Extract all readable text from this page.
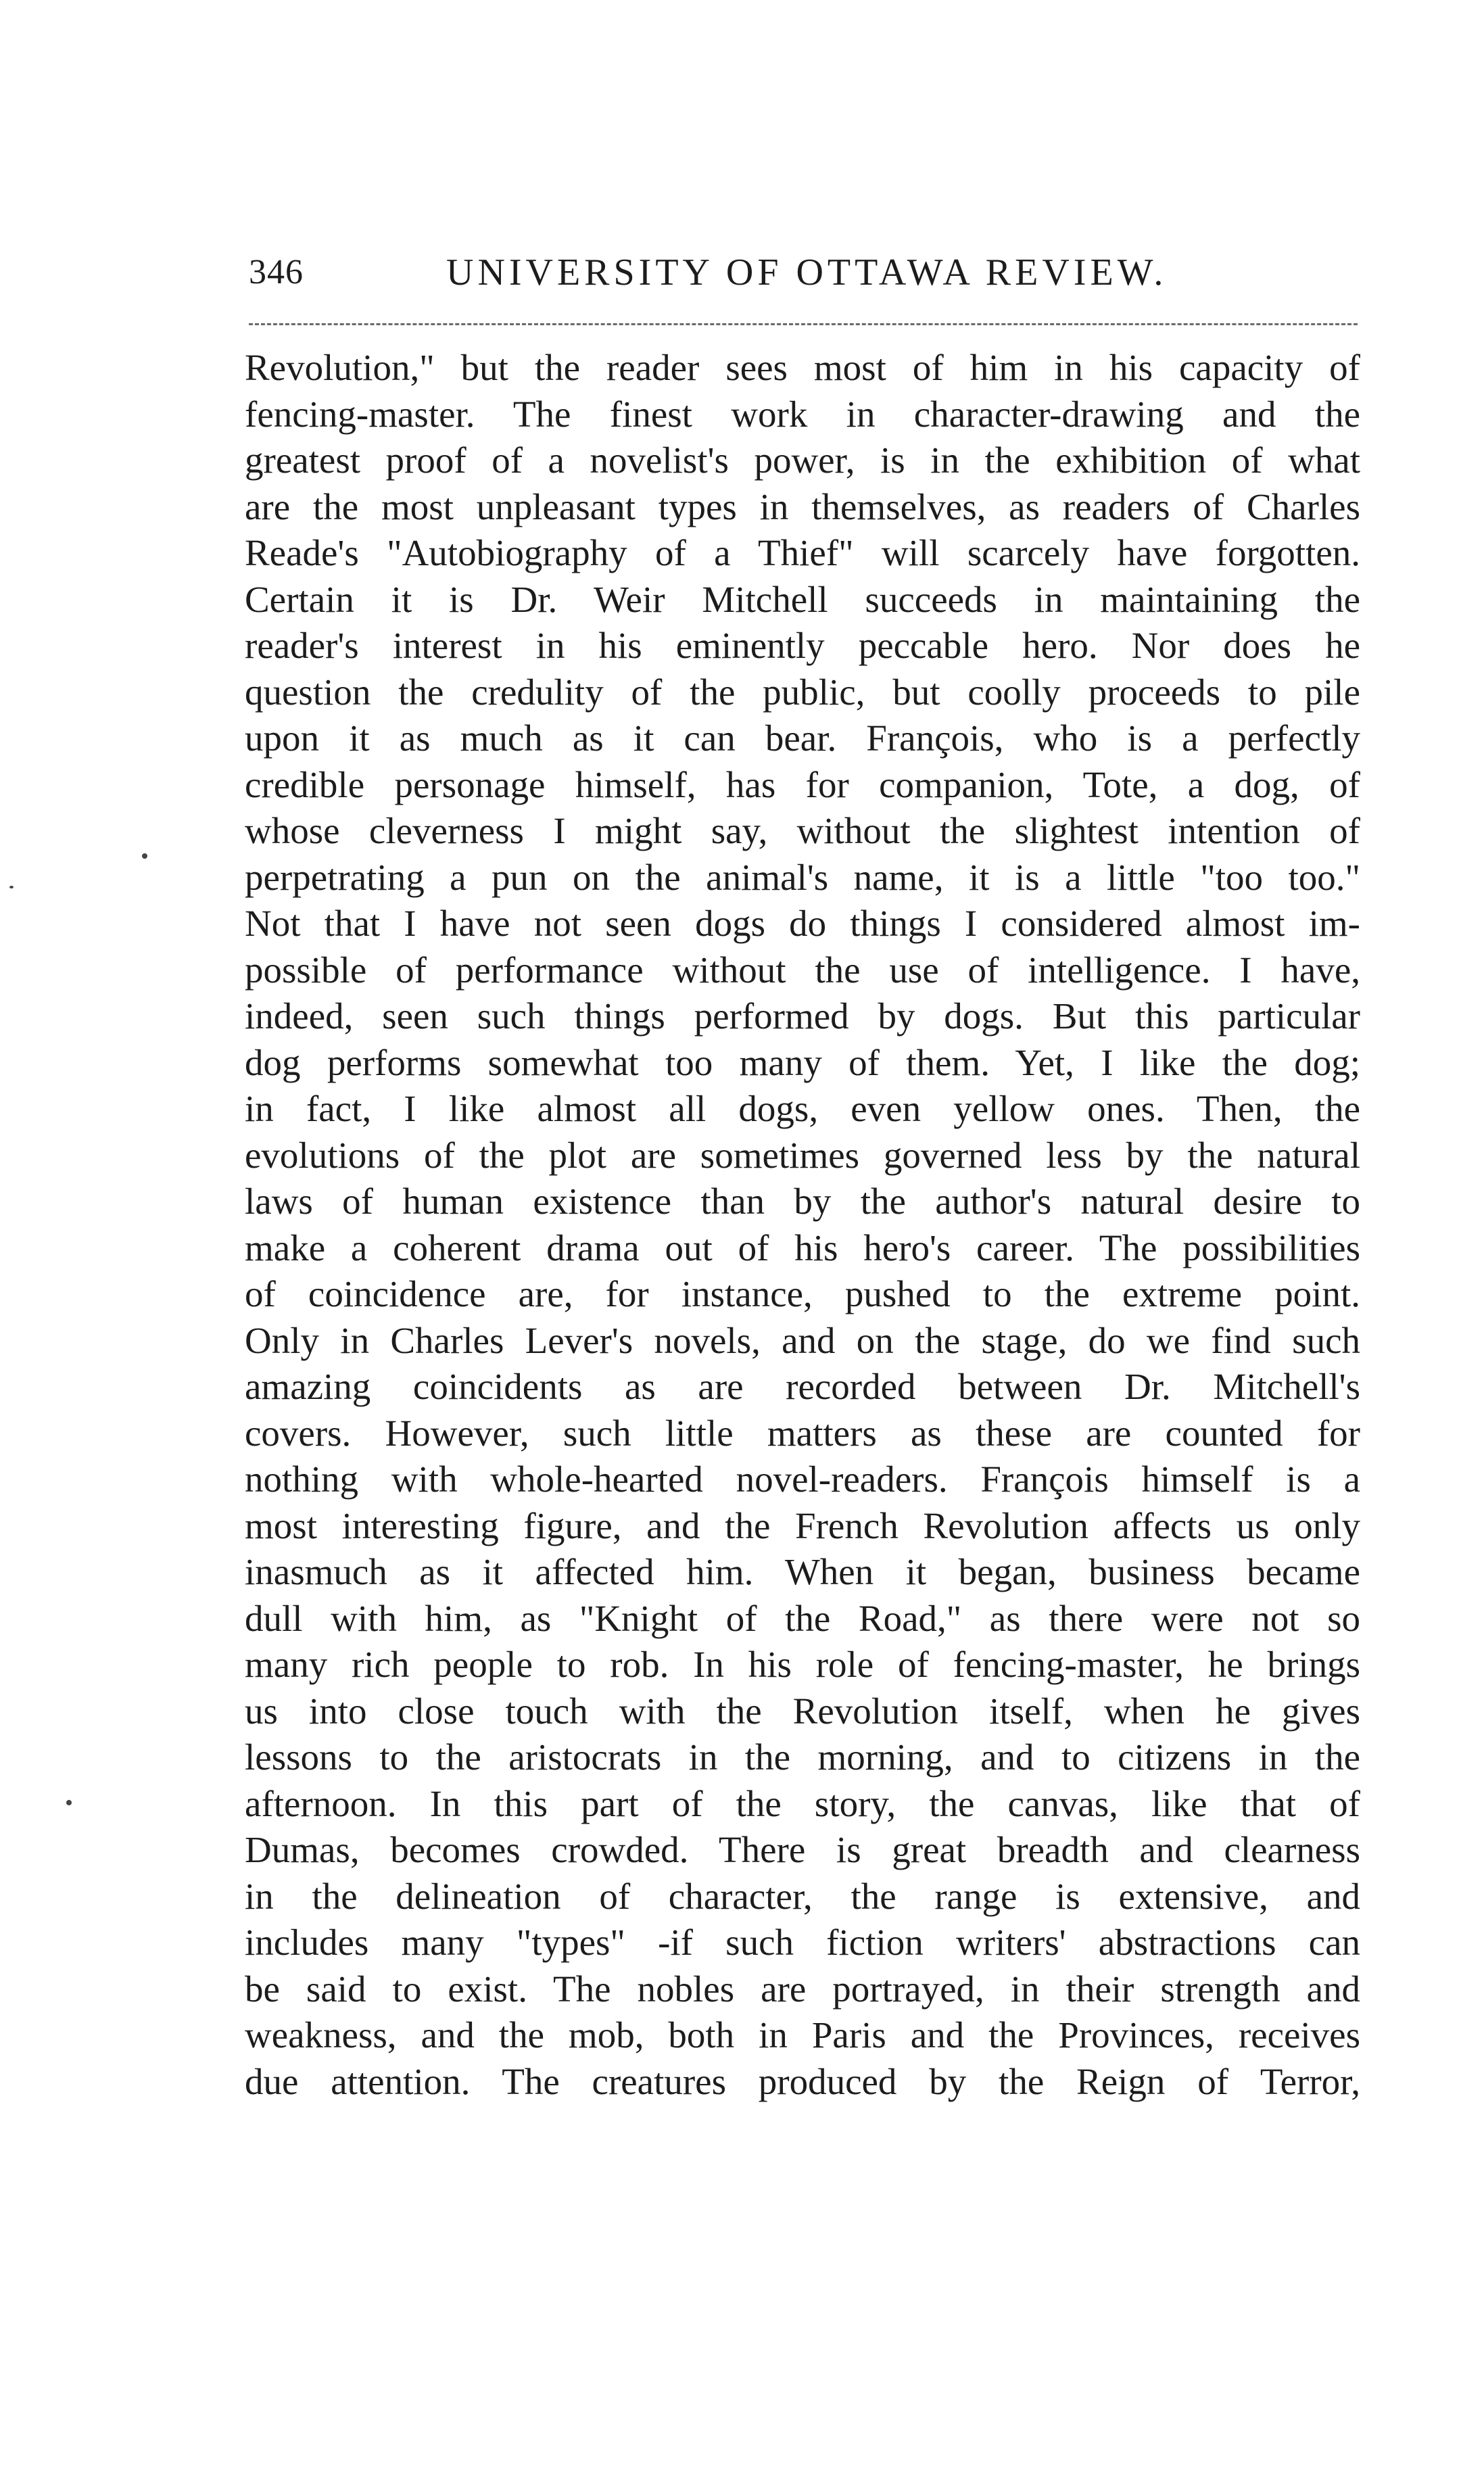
346	UNIVERSITY OF OTTAWA REVIEW.
Revolution," but the reader sees most of him in his capacity of
fencing-master. The finest work in character-drawing and the
greatest proof of a novelist's power, is in the exhibition of what
are the most unpleasant types in themselves, as readers of Charles
Reade's "Autobiography of a Thief" will scarcely have forgotten.
Certain it is Dr. Weir Mitchell succeeds in maintaining the
reader's interest in his eminently peccable hero. Nor does he
question the credulity of the public, but coolly proceeds to pile
upon it as much as it can bear. François, who is a perfectly
credible personage himself, has for companion, Tote, a dog, of
whose cleverness I might say, without the slightest intention of
perpetrating a pun on the animal's name, it is a little "too too."
Not that I have not seen dogs do things I considered almost im-
possible of performance without the use of intelligence. I have,
indeed, seen such things performed by dogs. But this particular
dog performs somewhat too many of them. Yet, I like the dog;
in fact, I like almost all dogs, even yellow ones. Then, the
evolutions of the plot are sometimes governed less by the natural
laws of human existence than by the author's natural desire to
make a coherent drama out of his hero's career. The possibilities
of coincidence are, for instance, pushed to the extreme point.
Only in Charles Lever's novels, and on the stage, do we find such
amazing coincidents as are recorded between Dr. Mitchell's
covers. However, such little matters as these are counted for
nothing with whole-hearted novel-readers. François himself is a
most interesting figure, and the French Revolution affects us only
inasmuch as it affected him. When it began, business became
dull with him, as "Knight of the Road," as there were not so
many rich people to rob. In his role of fencing-master, he brings
us into close touch with the Revolution itself, when he gives
lessons to the aristocrats in the morning, and to citizens in the
afternoon. In this part of the story, the canvas, like that of
Dumas, becomes crowded. There is great breadth and clearness
in the delineation of character, the range is extensive, and
includes many "types" -if such fiction writers' abstractions can
be said to exist. The nobles are portrayed, in their strength and
weakness, and the mob, both in Paris and the Provinces, receives
due attention. The creatures produced by the Reign of Terror,
